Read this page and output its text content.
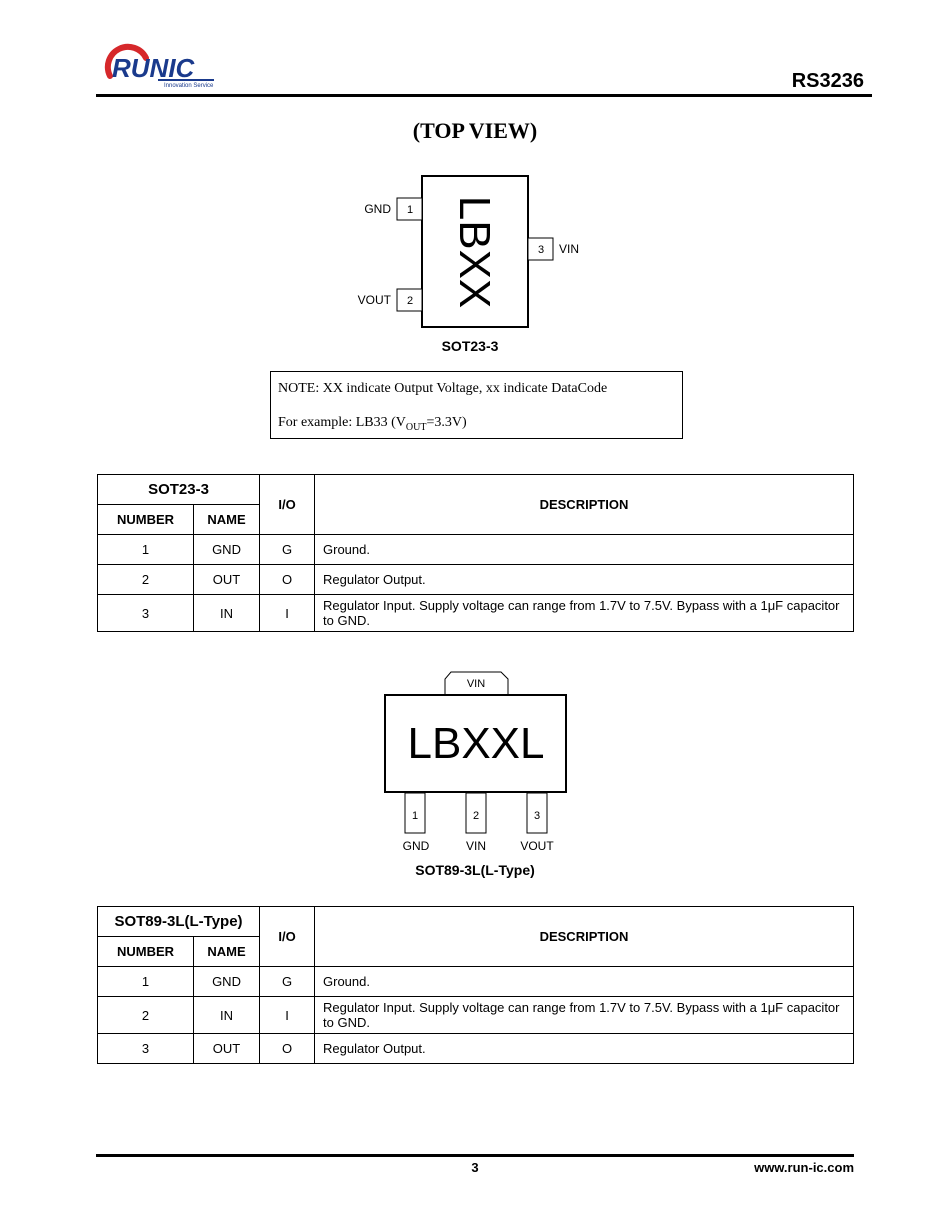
RUNIC
Innovation Service	RS3236
(TOP VIEW)
1
2
3
GND
VOUT
VIN
LBXX
SOT23-3
NOTE: XX indicate Output Voltage, xx indicate DataCode
For example: LB33 $(V_{OUT}=3.3V)$
SOT23-3		I/O	DESCRIPTION
NUMBER	NAME		
1	GND	G	Ground.
2	OUT	O	Regulator Output.
3	IN	I	Regulator Input. Supply voltage can range from 1.7V to 7.5V. Bypass with a 1μF capacitor to GND.
VIN
LBXXL
1	2	3
GND	VIN	VOUT
SOT89-3L(L-Type)
SOT89-3L(L-Type)		I/O	DESCRIPTION
NUMBER	NAME		
1	GND	G	Ground.
2	IN	I	Regulator Input. Supply voltage can range from 1.7V to 7.5V. Bypass with a 1μF capacitor to GND.
3	OUT	O	Regulator Output.
3	www.run-ic.com
